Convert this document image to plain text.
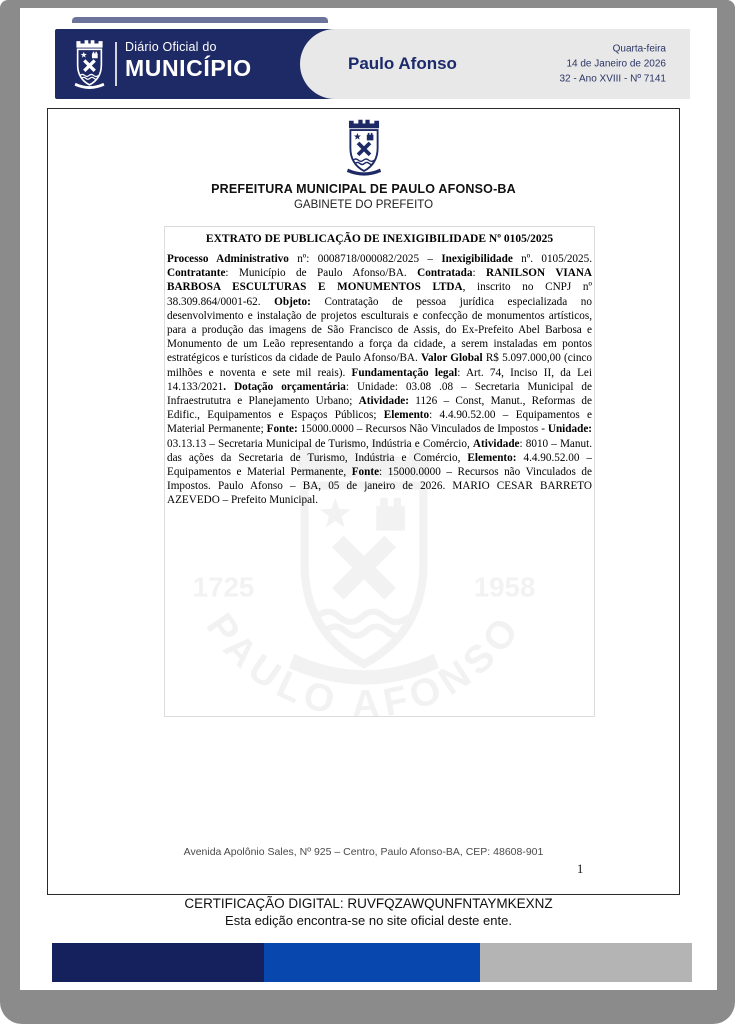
Diário Oficial do
MUNICÍPIO	Paulo Afonso
Quarta-feira
14 de Janeiro de 2026
32 - Ano XVIII - Nº 7141
PREFEITURA MUNICIPAL DE PAULO AFONSO-BA
GABINETE DO PREFEITO
1725	1958
PAULO AFONSO
EXTRATO DE PUBLICAÇÃO DE INEXIGIBILIDADE Nº 0105/2025

Processo Administrativo nº: 0008718/000082/2025 – Inexigibilidade nº. 0105/2025. Contratante: Município de Paulo Afonso/BA. Contratada: RANILSON VIANA BARBOSA ESCULTURAS E MONUMENTOS LTDA, inscrito no CNPJ nº 38.309.864/0001-62. Objeto: Contratação de pessoa jurídica especializada no desenvolvimento e instalação de projetos esculturais e confecção de monumentos artísticos, para a produção das imagens de São Francisco de Assis, do Ex-Prefeito Abel Barbosa e Monumento de um Leão representando a força da cidade, a serem instaladas em pontos estratégicos e turísticos da cidade de Paulo Afonso/BA. Valor Global R$ 5.097.000,00 (cinco milhões e noventa e sete mil reais). Fundamentação legal: Art. 74, Inciso II, da Lei 14.133/2021. Dotação orçamentária: Unidade: 03.08 .08 – Secretaria Municipal de Infraestrututra e Planejamento Urbano; Atividade: 1126 – Const, Manut., Reformas de Edific., Equipamentos e Espaços Públicos; Elemento: 4.4.90.52.00 – Equipamentos e Material Permanente; Fonte: 15000.0000 – Recursos Não Vinculados de Impostos - Unidade: 03.13.13 – Secretaria Municipal de Turismo, Indústria e Comércio, Atividade: 8010 – Manut. das ações da Secretaria de Turismo, Indústria e Comércio, Elemento: 4.4.90.52.00 – Equipamentos e Material Permanente, Fonte: 15000.0000 – Recursos não Vinculados de Impostos. Paulo Afonso – BA, 05 de janeiro de 2026. MARIO CESAR BARRETO AZEVEDO – Prefeito Municipal.

Avenida Apolônio Sales, Nº 925 – Centro, Paulo Afonso-BA, CEP: 48608-901
1
CERTIFICAÇÃO DIGITAL: RUVFQZAWQUNFNTAYMKEXNZ
Esta edição encontra-se no site oficial deste ente.
